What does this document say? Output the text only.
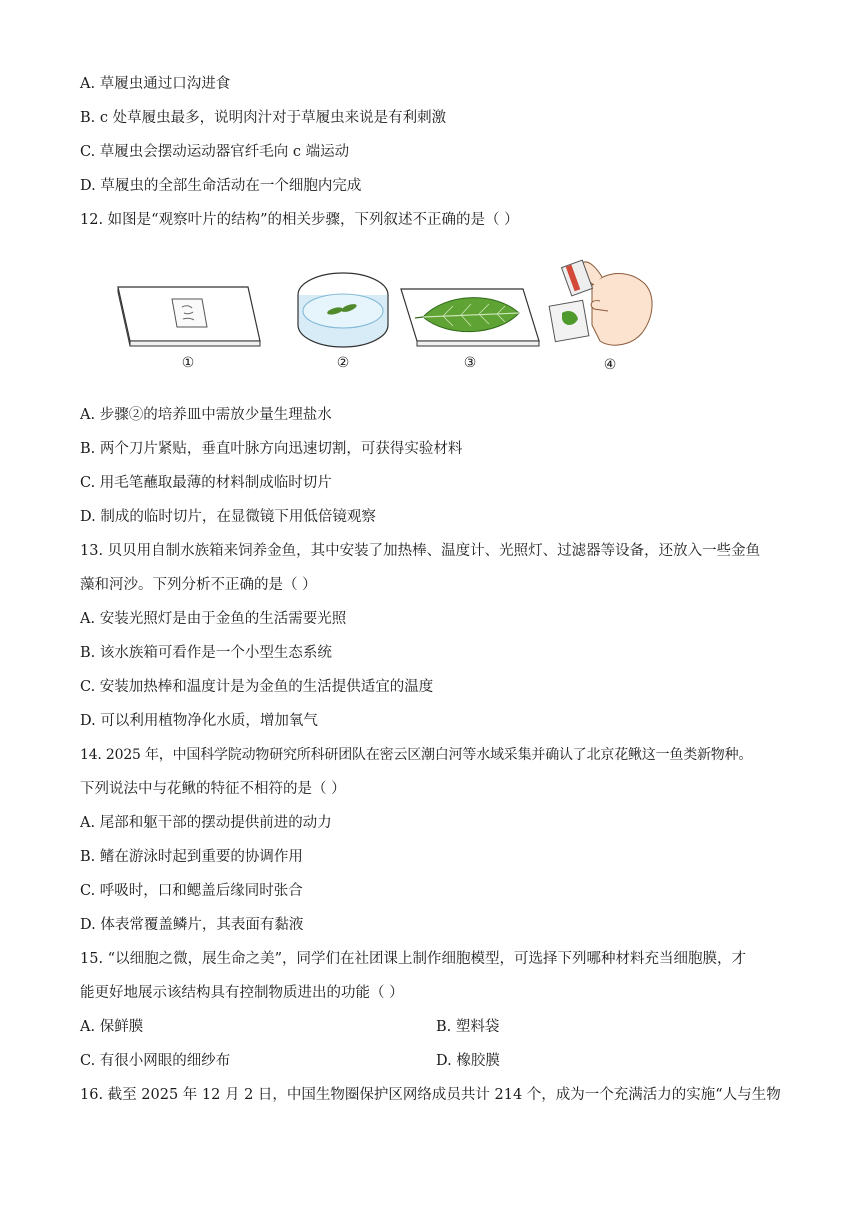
A. 草履虫通过口沟进食
B. c 处草履虫最多，说明肉汁对于草履虫来说是有利刺激
C. 草履虫会摆动运动器官纤毛向 c 端运动
D. 草履虫的全部生命活动在一个细胞内完成
12. 如图是“观察叶片的结构”的相关步骤，下列叙述不正确的是（ ）
①	②	③	④
A. 步骤②的培养皿中需放少量生理盐水
B. 两个刀片紧贴，垂直叶脉方向迅速切割，可获得实验材料
C. 用毛笔蘸取最薄的材料制成临时切片
D. 制成的临时切片，在显微镜下用低倍镜观察
13. 贝贝用自制水族箱来饲养金鱼，其中安装了加热棒、温度计、光照灯、过滤器等设备，还放入一些金鱼
藻和河沙。下列分析不正确的是（ ）
A. 安装光照灯是由于金鱼的生活需要光照
B. 该水族箱可看作是一个小型生态系统
C. 安装加热棒和温度计是为金鱼的生活提供适宜的温度
D. 可以利用植物净化水质，增加氧气
14. 2025 年，中国科学院动物研究所科研团队在密云区潮白河等水域采集并确认了北京花鳅这一鱼类新物种。
下列说法中与花鳅的特征不相符的是（ ）
A. 尾部和躯干部的摆动提供前进的动力
B. 鳍在游泳时起到重要的协调作用
C. 呼吸时，口和鳃盖后缘同时张合
D. 体表常覆盖鳞片，其表面有黏液
15. “以细胞之微，展生命之美”，同学们在社团课上制作细胞模型，可选择下列哪种材料充当细胞膜，才
能更好地展示该结构具有控制物质进出的功能（ ）
A. 保鲜膜	B. 塑料袋
C. 有很小网眼的细纱布	D. 橡胶膜
16. 截至 2025 年 12 月 2 日，中国生物圈保护区网络成员共计 214 个，成为一个充满活力的实施“人与生物
